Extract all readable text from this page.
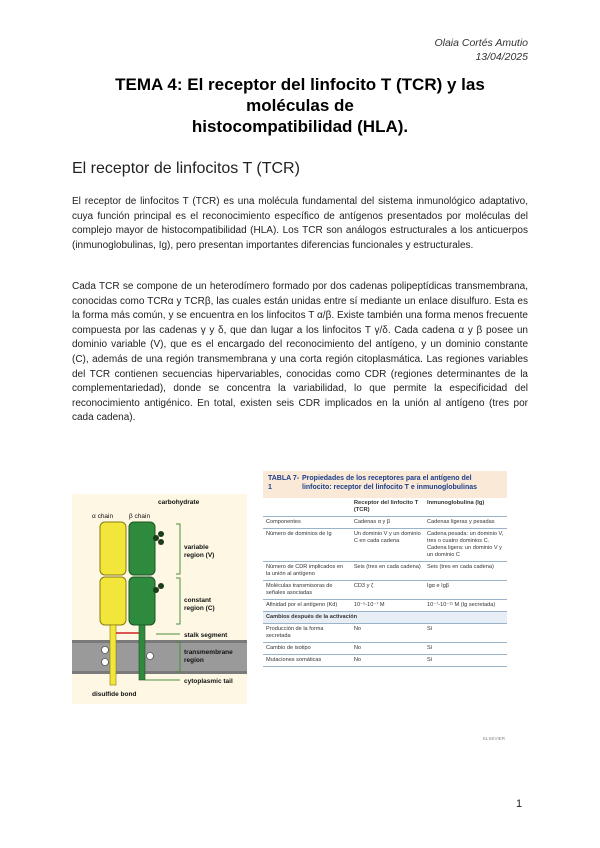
Olaia Cortés Amutio
13/04/2025
TEMA 4: El receptor del linfocito T (TCR) y las
moléculas de
histocompatibilidad (HLA).
El receptor de linfocitos T (TCR)

El receptor de linfocitos T (TCR) es una molécula fundamental del sistema inmunológico adaptativo, cuya función principal es el reconocimiento específico de antígenos presentados por moléculas del complejo mayor de histocompatibilidad (HLA). Los TCR son análogos estructurales a los anticuerpos (inmunoglobulinas, Ig), pero presentan importantes diferencias funcionales y estructurales.

Cada TCR se compone de un heterodímero formado por dos cadenas polipeptídicas transmembrana, conocidas como TCRα y TCRβ, las cuales están unidas entre sí mediante un enlace disulfuro. Esta es la forma más común, y se encuentra en los linfocitos T α/β. Existe también una forma menos frecuente compuesta por las cadenas γ y δ, que dan lugar a los linfocitos T γ/δ. Cada cadena α y β posee un dominio variable (V), que es el encargado del reconocimiento del antígeno, y un dominio constante (C), además de una región transmembrana y una corta región citoplasmática. Las regiones variables del TCR contienen secuencias hipervariables, conocidas como CDR (regiones determinantes de la complementariedad), donde se concentra la variabilidad, lo que permite la especificidad del reconocimiento antigénico. En total, existen seis CDR implicados en la unión al antígeno (tres por cada cadena).

α chain β chain
carbohydrate
variable
region (V)
constant
region (C)
stalk segment
transmembrane
region
cytoplasmic tail
disulfide bond
TABLA 7-1
Propiedades de los receptores para el antígeno del linfocito: receptor del linfocito T e inmunoglobulinas
	Receptor del linfocito T (TCR)	Inmunoglobulina (Ig)
Componentes	Cadenas α y β	Cadenas ligeras y pesadas
Número de dominios de Ig	Un dominio V y un dominio C en cada cadena	Cadena pesada: un dominio V, tres o cuatro dominios C. Cadena ligera: un dominio V y un dominio C
Número de CDR implicados en la unión al antígeno	Seis (tres en cada cadena)	Seis (tres en cada cadena)
Moléculas transmisoras de señales asociadas	CD3 y ζ	Igα e Igβ
Afinidad por el antígeno (Kd)	10⁻⁵-10⁻⁷ M	10⁻⁷-10⁻¹¹ M (Ig secretada)
Cambios después de la activación		
Producción de la forma secretada	No	Sí
Cambio de isotipo	No	Sí
Mutaciones somáticas	No	Sí
ELSEVIER
1
